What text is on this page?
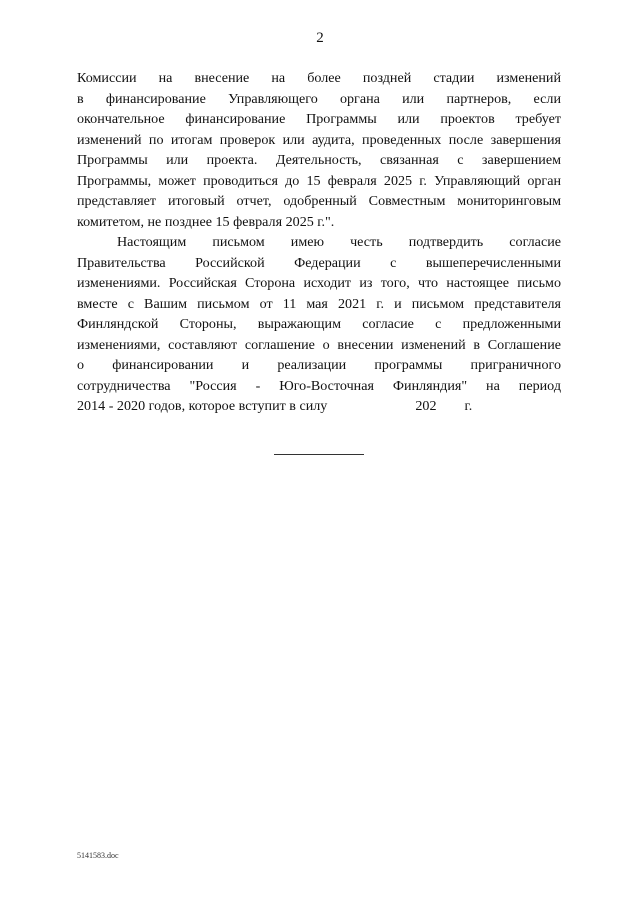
2
Комиссии на внесение на более поздней стадии изменений
в финансирование Управляющего органа или партнеров, если
окончательное финансирование Программы или проектов требует
изменений по итогам проверок или аудита, проведенных после завершения
Программы или проекта. Деятельность, связанная с завершением
Программы, может проводиться до 15 февраля 2025 г. Управляющий орган
представляет итоговый отчет, одобренный Совместным мониторинговым
комитетом, не позднее 15 февраля 2025 г.".
Настоящим письмом имею честь подтвердить согласие
Правительства Российской Федерации с вышеперечисленными
изменениями. Российская Сторона исходит из того, что настоящее письмо
вместе с Вашим письмом от 11 мая 2021 г. и письмом представителя
Финляндской Стороны, выражающим согласие с предложенными
изменениями, составляют соглашение о внесении изменений в Соглашение
о финансировании и реализации программы приграничного
сотрудничества "Россия - Юго-Восточная Финляндия" на период
2014 - 2020 годов, которое вступит в силу	202 г.
5141583.doc
